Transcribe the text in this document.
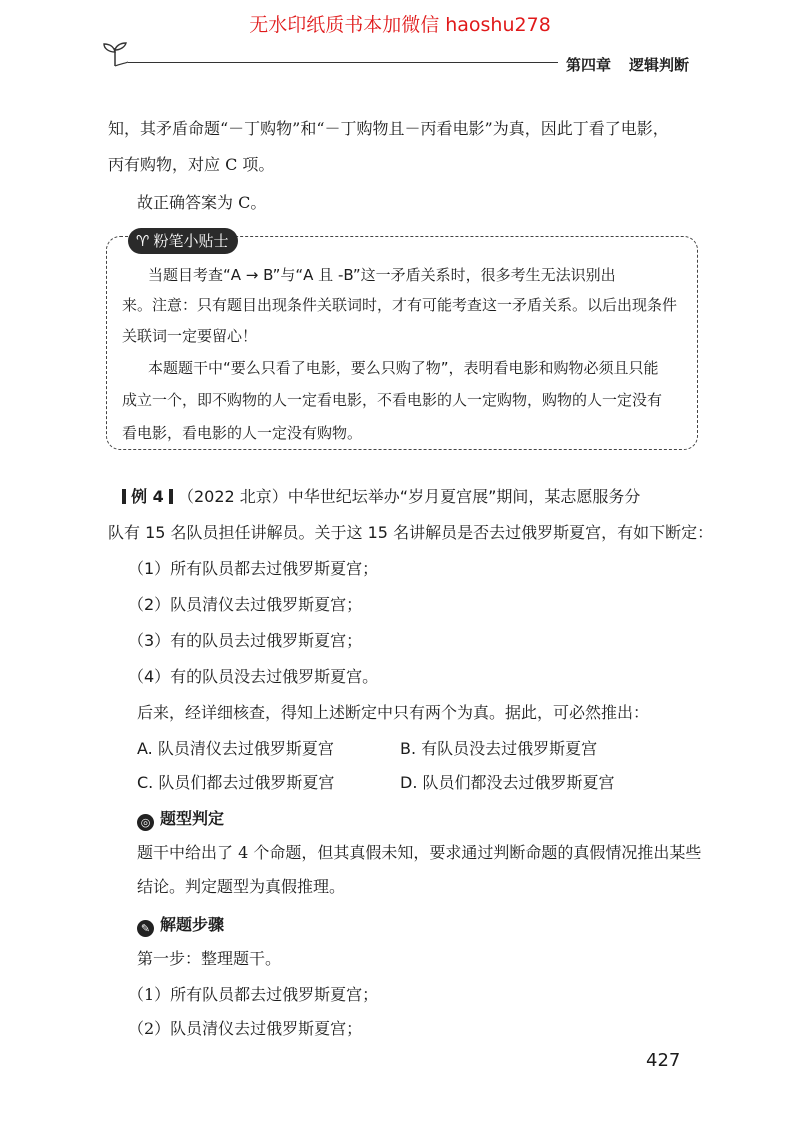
无水印纸质书本加微信 haoshu278
第四章 逻辑判断

知，其矛盾命题“－丁购物”和“－丁购物且－丙看电影”为真，因此丁看了电影，

丙有购物，对应 C 项。

故正确答案为 C。

♈ 粉笔小贴士

当题目考查“A → B”与“A 且 -B”这一矛盾关系时，很多考生无法识别出

来。注意：只有题目出现条件关联词时，才有可能考查这一矛盾关系。以后出现条件

关联词一定要留心！

本题题干中“要么只看了电影，要么只购了物”，表明看电影和购物必须且只能

成立一个，即不购物的人一定看电影，不看电影的人一定购物，购物的人一定没有

看电影，看电影的人一定没有购物。

例 4 （2022 北京）中华世纪坛举办“岁月夏宫展”期间，某志愿服务分

队有 15 名队员担任讲解员。关于这 15 名讲解员是否去过俄罗斯夏宫，有如下断定：

（1）所有队员都去过俄罗斯夏宫；

（2）队员清仪去过俄罗斯夏宫；

（3）有的队员去过俄罗斯夏宫；

（4）有的队员没去过俄罗斯夏宫。

后来，经详细核查，得知上述断定中只有两个为真。据此，可必然推出：

A. 队员清仪去过俄罗斯夏宫	B. 有队员没去过俄罗斯夏宫

C. 队员们都去过俄罗斯夏宫	D. 队员们都没去过俄罗斯夏宫

◎ 题型判定

题干中给出了 4 个命题，但其真假未知，要求通过判断命题的真假情况推出某些

结论。判定题型为真假推理。

✎ 解题步骤

第一步：整理题干。

（1）所有队员都去过俄罗斯夏宫；

（2）队员清仪去过俄罗斯夏宫；

427
